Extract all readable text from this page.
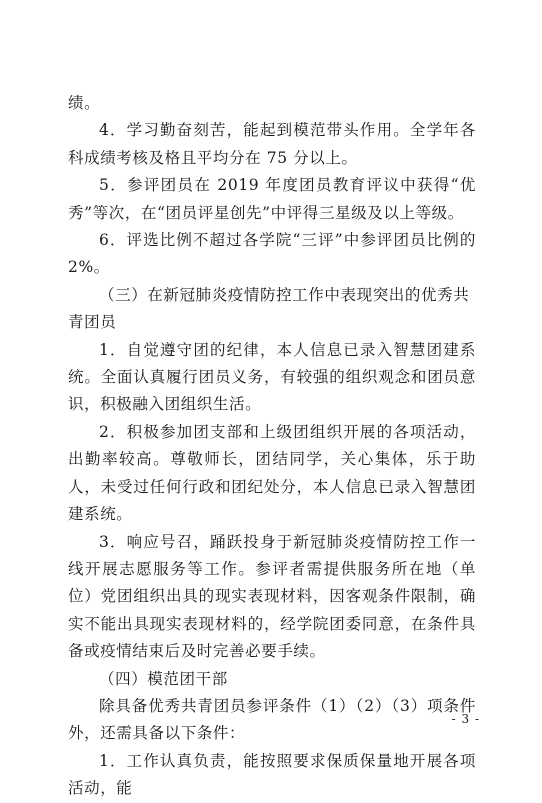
绩。

4．学习勤奋刻苦，能起到模范带头作用。全学年各科成绩考核及格且平均分在 75 分以上。

5．参评团员在 2019 年度团员教育评议中获得“优秀”等次，在“团员评星创先”中评得三星级及以上等级。

6．评选比例不超过各学院“三评”中参评团员比例的 2%。

（三）在新冠肺炎疫情防控工作中表现突出的优秀共青团员

1．自觉遵守团的纪律，本人信息已录入智慧团建系统。全面认真履行团员义务，有较强的组织观念和团员意识，积极融入团组织生活。

2．积极参加团支部和上级团组织开展的各项活动，出勤率较高。尊敬师长，团结同学，关心集体，乐于助人，未受过任何行政和团纪处分，本人信息已录入智慧团建系统。

3．响应号召，踊跃投身于新冠肺炎疫情防控工作一线开展志愿服务等工作。参评者需提供服务所在地（单位）党团组织出具的现实表现材料，因客观条件限制，确实不能出具现实表现材料的，经学院团委同意，在条件具备或疫情结束后及时完善必要手续。

（四）模范团干部

除具备优秀共青团员参评条件（1）（2）（3）项条件外，还需具备以下条件：

1．工作认真负责，能按照要求保质保量地开展各项活动，能

- 3 -
